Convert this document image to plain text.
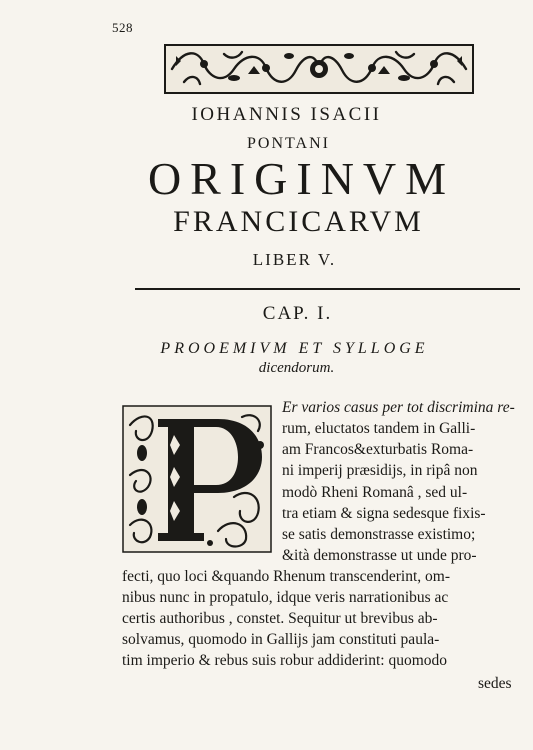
528
IOHANNIS ISACII
PONTANI
ORIGINVM
FRANCICARVM
LIBER V.
CAP. I.
PROOEMIVM ET SYLLOGE
dicendorum.
Er varios casus per tot discrimina re-
rum, eluctatos tandem in Galli-
am Francos&exturbatis Roma-
ni imperij præsidijs, in ripâ non
modò Rheni Romanâ , sed ul-
tra etiam & signa sedesque fixis-
se satis demonstrasse existimo;
&ità demonstrasse ut unde pro-
fecti, quo loci &quando Rhenum transcenderint, om-
nibus nunc in propatulo, idque veris narrationibus ac
certis authoribus , constet. Sequitur ut brevibus ab-
solvamus, quomodo in Gallijs jam constituti paula-
tim imperio & rebus suis robur addiderint: quomodo
sedes
